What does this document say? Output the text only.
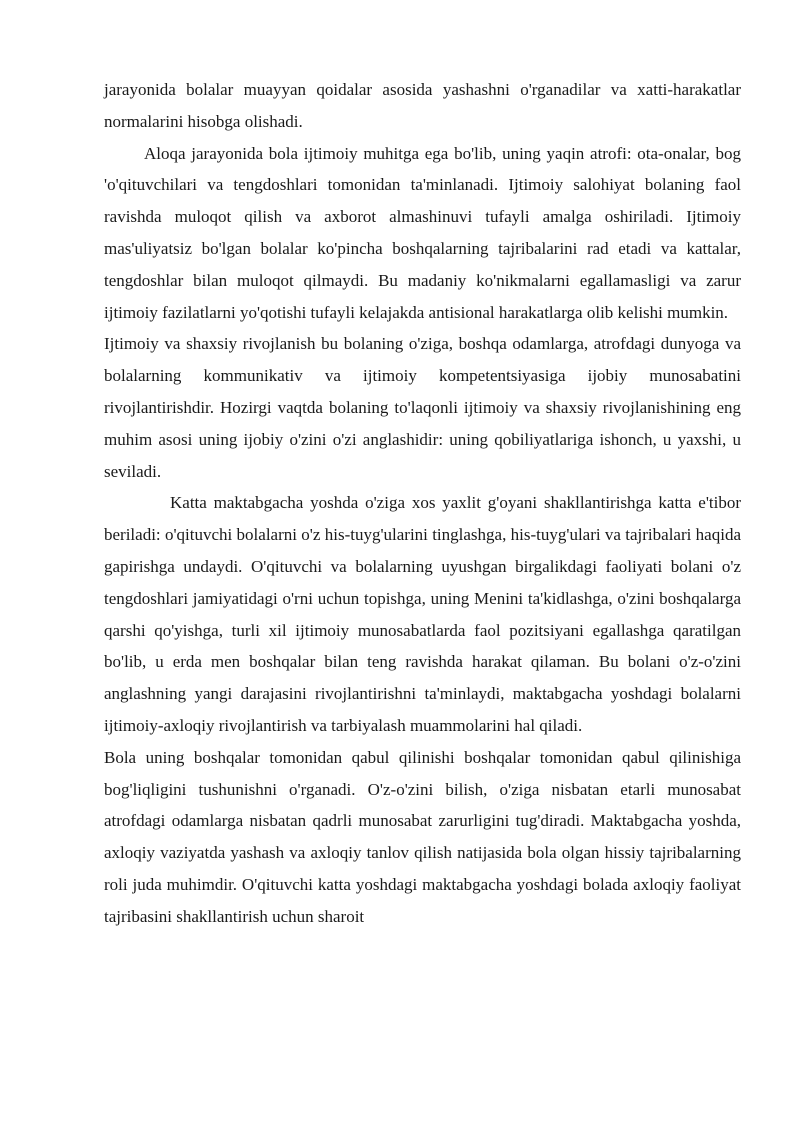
jarayonida bolalar muayyan qoidalar asosida yashashni o'rganadilar va xatti-harakatlar normalarini hisobga olishadi.

Aloqa jarayonida bola ijtimoiy muhitga ega bo'lib, uning yaqin atrofi: ota-onalar, bog 'o'qituvchilari va tengdoshlari tomonidan ta'minlanadi. Ijtimoiy salohiyat bolaning faol ravishda muloqot qilish va axborot almashinuvi tufayli amalga oshiriladi. Ijtimoiy mas'uliyatsiz bo'lgan bolalar ko'pincha boshqalarning tajribalarini rad etadi va kattalar, tengdoshlar bilan muloqot qilmaydi. Bu madaniy ko'nikmalarni egallamasligi va zarur ijtimoiy fazilatlarni yo'qotishi tufayli kelajakda antisional harakatlarga olib kelishi mumkin.

Ijtimoiy va shaxsiy rivojlanish bu bolaning o'ziga, boshqa odamlarga, atrofdagi dunyoga va bolalarning kommunikativ va ijtimoiy kompetentsiyasiga ijobiy munosabatini rivojlantirishdir. Hozirgi vaqtda bolaning to'laqonli ijtimoiy va shaxsiy rivojlanishining eng muhim asosi uning ijobiy o'zini o'zi anglashidir: uning qobiliyatlariga ishonch, u yaxshi, u seviladi.

Katta maktabgacha yoshda o'ziga xos yaxlit g'oyani shakllantirishga katta e'tibor beriladi: o'qituvchi bolalarni o'z his-tuyg'ularini tinglashga, his-tuyg'ulari va tajribalari haqida gapirishga undaydi. O'qituvchi va bolalarning uyushgan birgalikdagi faoliyati bolani o'z tengdoshlari jamiyatidagi o'rni uchun topishga, uning Menini ta'kidlashga, o'zini boshqalarga qarshi qo'yishga, turli xil ijtimoiy munosabatlarda faol pozitsiyani egallashga qaratilgan bo'lib, u erda men boshqalar bilan teng ravishda harakat qilaman. Bu bolani o'z-o'zini anglashning yangi darajasini rivojlantirishni ta'minlaydi, maktabgacha yoshdagi bolalarni ijtimoiy-axloqiy rivojlantirish va tarbiyalash muammolarini hal qiladi.

Bola uning boshqalar tomonidan qabul qilinishi boshqalar tomonidan qabul qilinishiga bog'liqligini tushunishni o'rganadi. O'z-o'zini bilish, o'ziga nisbatan etarli munosabat atrofdagi odamlarga nisbatan qadrli munosabat zarurligini tug'diradi. Maktabgacha yoshda, axloqiy vaziyatda yashash va axloqiy tanlov qilish natijasida bola olgan hissiy tajribalarning roli juda muhimdir. O'qituvchi katta yoshdagi maktabgacha yoshdagi bolada axloqiy faoliyat tajribasini shakllantirish uchun sharoit
